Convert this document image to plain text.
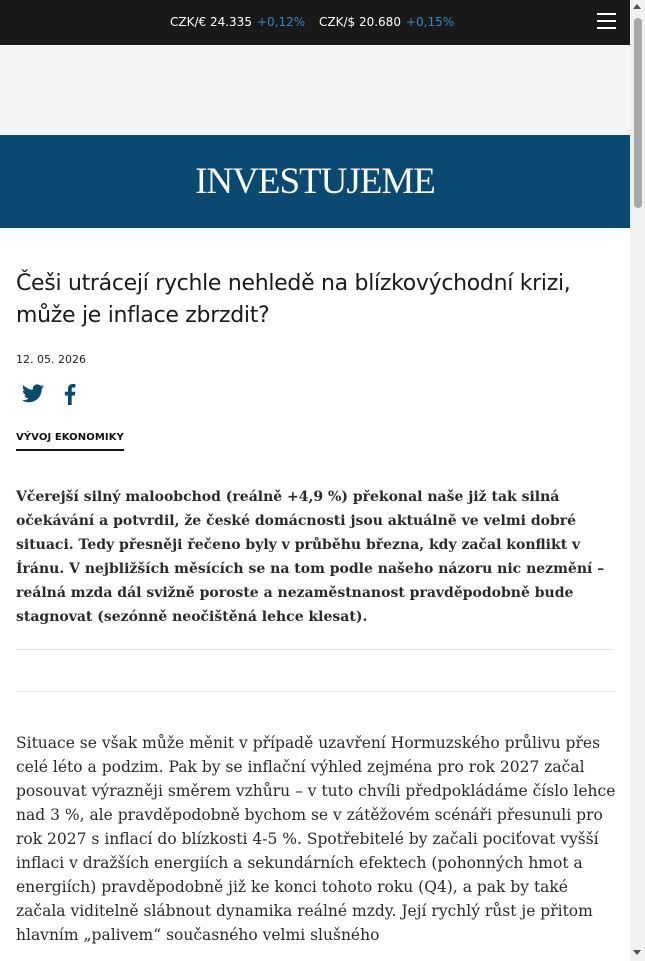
CZK/€ 24.335 +0,12% CZK/$ 20.680 +0,15%
INVESTUJEME
Češi utrácejí rychle nehledě na blízkovýchodní krizi, může je inflace zbrzdit?
12. 05. 2026
VÝVOJ EKONOMIKY
Včerejší silný maloobchod (reálně +4,9 %) překonal naše již tak silná očekávání a potvrdil, že české domácnosti jsou aktuálně ve velmi dobré situaci. Tedy přesněji řečeno byly v průběhu března, kdy začal konflikt v Íránu. V nejbližších měsících se na tom podle našeho názoru nic nezmění – reálná mzda dál svižně poroste a nezaměstnanost pravděpodobně bude stagnovat (sezónně neočištěná lehce klesat).
Situace se však může měnit v případě uzavření Hormuzského průlivu přes celé léto a podzim. Pak by se inflační výhled zejména pro rok 2027 začal posouvat výrazněji směrem vzhůru – v tuto chvíli předpokládáme číslo lehce nad 3 %, ale pravděpodobně bychom se v zátěžovém scénáři přesunuli pro rok 2027 s inflací do blízkosti 4-5 %. Spotřebitelé by začali pociťovat vyšší inflaci v dražších energiích a sekundárních efektech (pohonných hmot a energiích) pravděpodobně již ke konci tohoto roku (Q4), a pak by také začala viditelně slábnout dynamika reálné mzdy. Její rychlý růst je přitom hlavním „palivem“ současného velmi slušného
